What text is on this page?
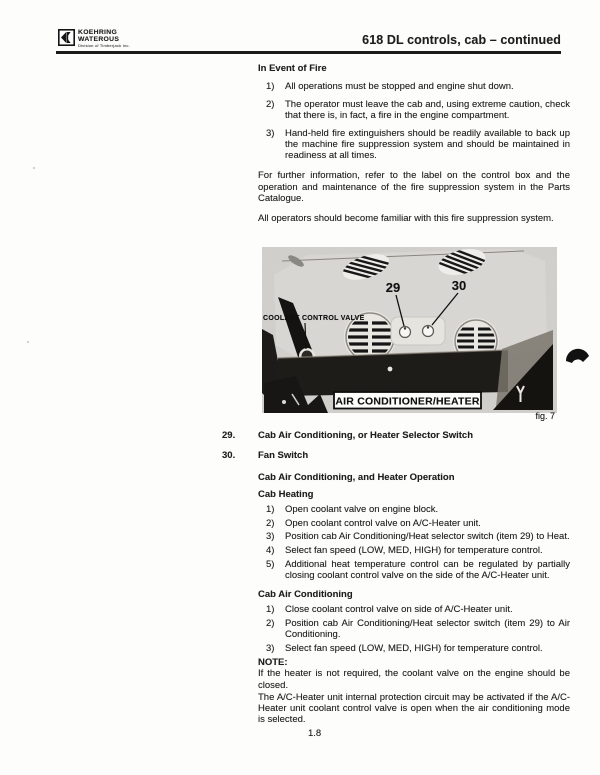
KOEHRING
WATEROUS
Division of Timberjack Inc.	618 DL controls, cab – continued
In Event of Fire
1)	All operations must be stopped and engine shut down.
2)	The operator must leave the cab and, using extreme caution, check that there is, in fact, a fire in the engine compartment.
3)	Hand-held fire extinguishers should be readily available to back up the machine fire suppression system and should be maintained in readiness at all times.
For further information, refer to the label on the control box and the operation and maintenance of the fire suppression system in the Parts Catalogue.
All operators should become familiar with this fire suppression system.
AIR CONDITIONER/HEATER
29	30
COOLANT CONTROL VALVE
fig. 7
29.	Cab Air Conditioning, or Heater Selector Switch
30.	Fan Switch
Cab Air Conditioning, and Heater Operation
Cab Heating
1)	Open coolant valve on engine block.
2)	Open coolant control valve on A/C-Heater unit.
3)	Position cab Air Conditioning/Heat selector switch (item 29) to Heat.
4)	Select fan speed (LOW, MED, HIGH) for temperature control.
5)	Additional heat temperature control can be regulated by partially closing coolant control valve on the side of the A/C-Heater unit.
Cab Air Conditioning
1)	Close coolant control valve on side of A/C-Heater unit.
2)	Position cab Air Conditioning/Heat selector switch (item 29) to Air Conditioning.
3)	Select fan speed (LOW, MED, HIGH) for temperature control.
NOTE:
If the heater is not required, the coolant valve on the engine should be closed.
The A/C-Heater unit internal protection circuit may be activated if the A/C-Heater unit coolant control valve is open when the air conditioning mode is selected.
1.8
